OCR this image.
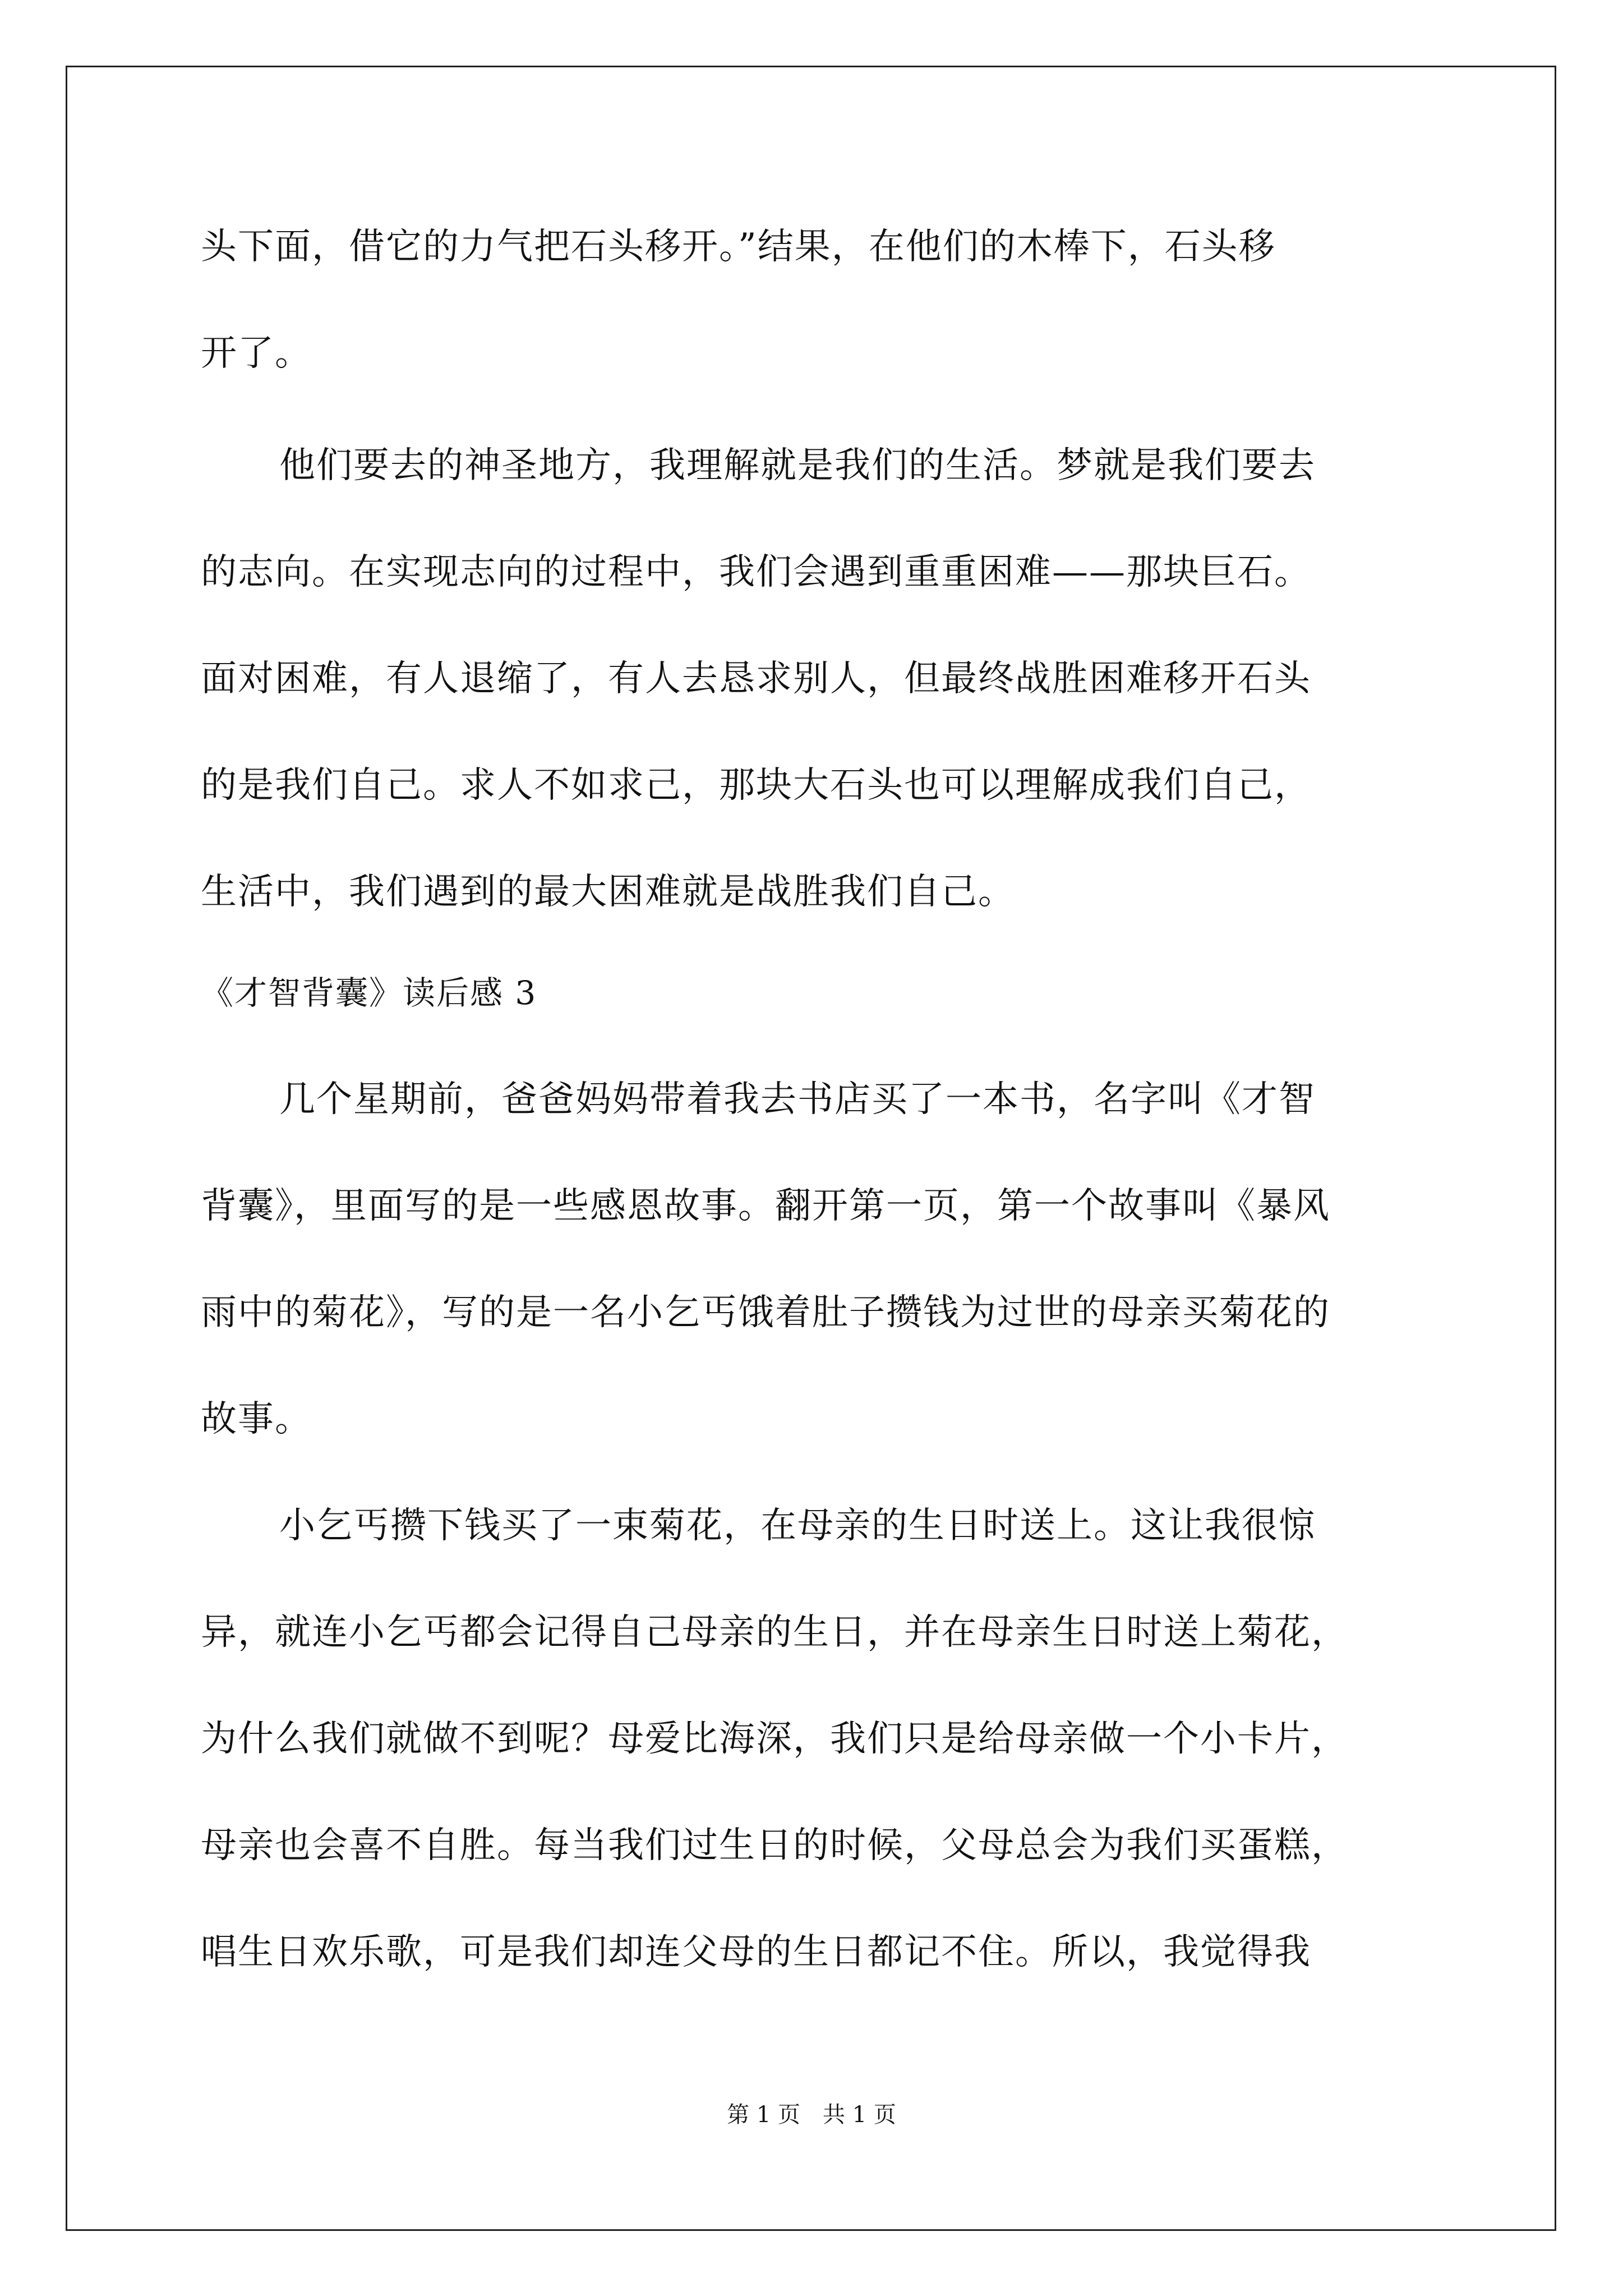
头下面，借它的力气把石头移开。”结果，在他们的木棒下，石头移
开了。
他们要去的神圣地方，我理解就是我们的生活。梦就是我们要去
的志向。在实现志向的过程中，我们会遇到重重困难——那块巨石。
面对困难，有人退缩了，有人去恳求别人，但最终战胜困难移开石头
的是我们自己。求人不如求己，那块大石头也可以理解成我们自己，
生活中，我们遇到的最大困难就是战胜我们自己。
《才智背囊》读后感 3
几个星期前，爸爸妈妈带着我去书店买了一本书，名字叫《才智
背囊》，里面写的是一些感恩故事。翻开第一页，第一个故事叫《暴风
雨中的菊花》，写的是一名小乞丐饿着肚子攒钱为过世的母亲买菊花的
故事。
小乞丐攒下钱买了一束菊花，在母亲的生日时送上。这让我很惊
异，就连小乞丐都会记得自己母亲的生日，并在母亲生日时送上菊花，
为什么我们就做不到呢？母爱比海深，我们只是给母亲做一个小卡片，
母亲也会喜不自胜。每当我们过生日的时候，父母总会为我们买蛋糕，
唱生日欢乐歌，可是我们却连父母的生日都记不住。所以，我觉得我
第 1 页　共 1 页
